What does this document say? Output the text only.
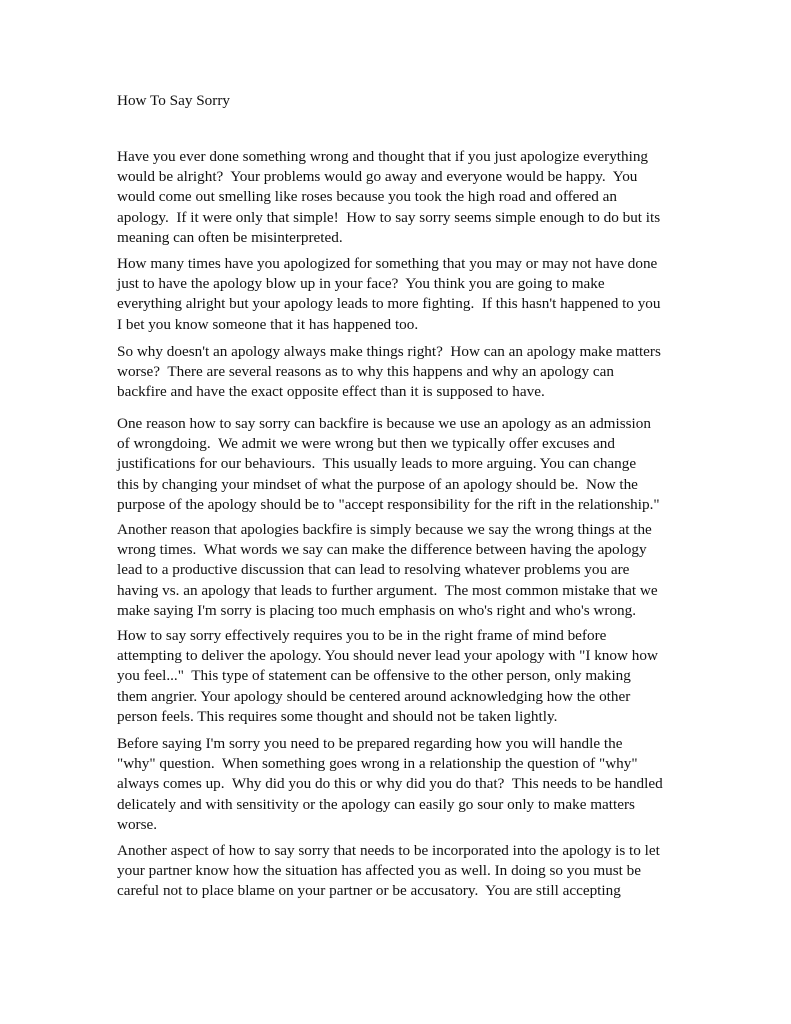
How To Say Sorry

Have you ever done something wrong and thought that if you just apologize everything
would be alright?  Your problems would go away and everyone would be happy.  You
would come out smelling like roses because you took the high road and offered an
apology.  If it were only that simple!  How to say sorry seems simple enough to do but its
meaning can often be misinterpreted.

How many times have you apologized for something that you may or may not have done
just to have the apology blow up in your face?  You think you are going to make
everything alright but your apology leads to more fighting.  If this hasn't happened to you
I bet you know someone that it has happened too.

So why doesn't an apology always make things right?  How can an apology make matters
worse?  There are several reasons as to why this happens and why an apology can
backfire and have the exact opposite effect than it is supposed to have.

One reason how to say sorry can backfire is because we use an apology as an admission
of wrongdoing.  We admit we were wrong but then we typically offer excuses and
justifications for our behaviours.  This usually leads to more arguing. You can change
this by changing your mindset of what the purpose of an apology should be.  Now the
purpose of the apology should be to "accept responsibility for the rift in the relationship."

Another reason that apologies backfire is simply because we say the wrong things at the
wrong times.  What words we say can make the difference between having the apology
lead to a productive discussion that can lead to resolving whatever problems you are
having vs. an apology that leads to further argument.  The most common mistake that we
make saying I'm sorry is placing too much emphasis on who's right and who's wrong.

How to say sorry effectively requires you to be in the right frame of mind before
attempting to deliver the apology. You should never lead your apology with "I know how
you feel..."  This type of statement can be offensive to the other person, only making
them angrier. Your apology should be centered around acknowledging how the other
person feels. This requires some thought and should not be taken lightly.

Before saying I'm sorry you need to be prepared regarding how you will handle the
"why" question.  When something goes wrong in a relationship the question of "why"
always comes up.  Why did you do this or why did you do that?  This needs to be handled
delicately and with sensitivity or the apology can easily go sour only to make matters
worse.

Another aspect of how to say sorry that needs to be incorporated into the apology is to let
your partner know how the situation has affected you as well. In doing so you must be
careful not to place blame on your partner or be accusatory.  You are still accepting
